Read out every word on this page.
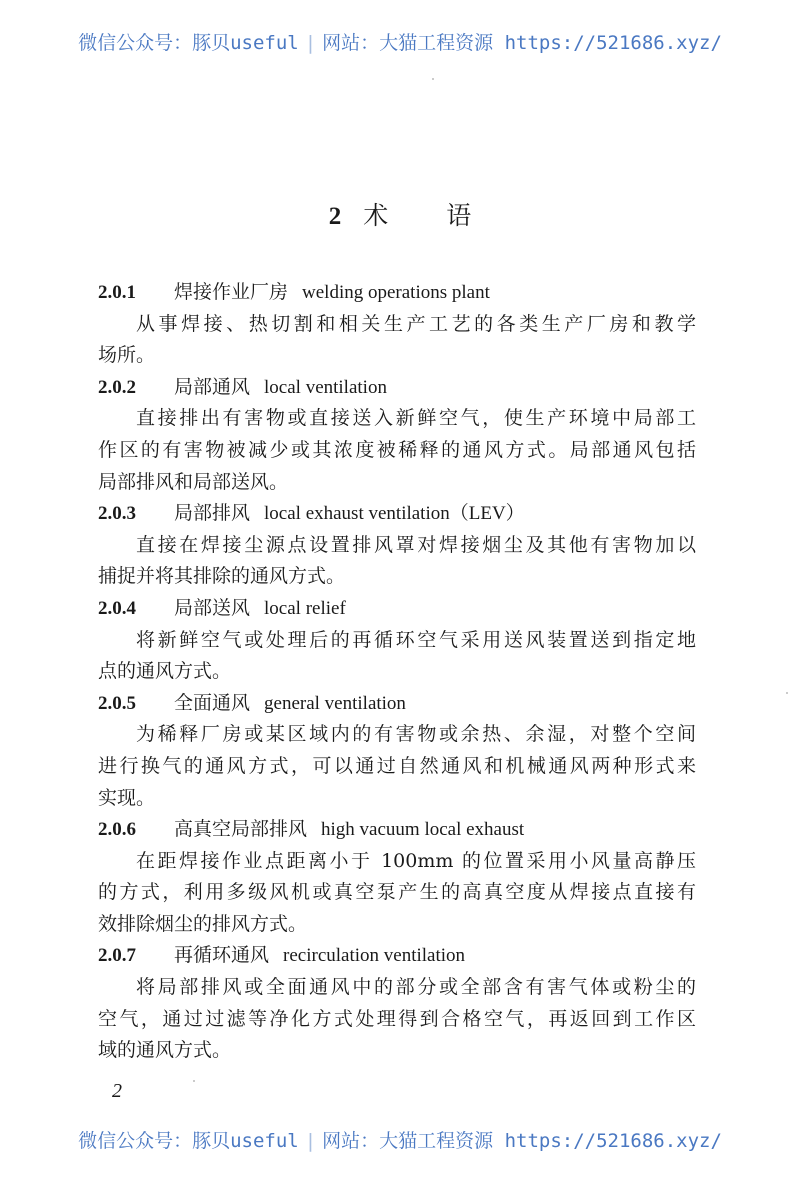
微信公众号：豚贝useful | 网站：大猫工程资源 https://521686.xyz/
2 术 语
2.0.1 焊接作业厂房 welding operations plant
从事焊接、热切割和相关生产工艺的各类生产厂房和教学
场所。
2.0.2 局部通风 local ventilation
直接排出有害物或直接送入新鲜空气，使生产环境中局部工
作区的有害物被减少或其浓度被稀释的通风方式。局部通风包括
局部排风和局部送风。
2.0.3 局部排风 local exhaust ventilation（LEV）
直接在焊接尘源点设置排风罩对焊接烟尘及其他有害物加以
捕捉并将其排除的通风方式。
2.0.4 局部送风 local relief
将新鲜空气或处理后的再循环空气采用送风装置送到指定地
点的通风方式。
2.0.5 全面通风 general ventilation
为稀释厂房或某区域内的有害物或余热、余湿，对整个空间
进行换气的通风方式，可以通过自然通风和机械通风两种形式来
实现。
2.0.6 高真空局部排风 high vacuum local exhaust
在距焊接作业点距离小于 100mm 的位置采用小风量高静压
的方式，利用多级风机或真空泵产生的高真空度从焊接点直接有
效排除烟尘的排风方式。
2.0.7 再循环通风 recirculation ventilation
将局部排风或全面通风中的部分或全部含有害气体或粉尘的
空气，通过过滤等净化方式处理得到合格空气，再返回到工作区
域的通风方式。
2
微信公众号：豚贝useful | 网站：大猫工程资源 https://521686.xyz/
